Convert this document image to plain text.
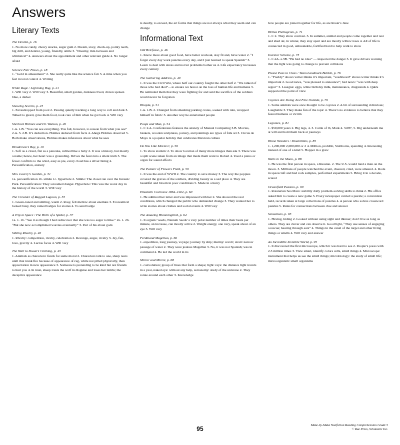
Answers
Literary Texts
The Dentist, p. 16
1. No more candy, chewy snacks, sugar gum 2. Dream, story, check-up, pointy teeth, big drill, and dentist, young, friendly, smile 3. “Dreamy, mix-between and whimsical” 4. Answers about the appointment and other relevant guide 4. No longer afraid
Science Fair Flaws, p. 18
1. “Gold in amazement” 2. She really quite like the science fair 3. A time when you feel in total control 4. Writing
White Rage / Lightning Bug, p. 21
1. Will vary 2. Will vary 3. Beautiful, small garden, darkness lived, drawn spoken blue, a darker
Showing Secrets, p. 23
1. Eavesdropped from pool 2. Passing quietly tracking a long way to roll and dark 3. Talked to guard, gave them food, took care of him when he got back 4. Will vary
Sherlock Holmes and Dr. Watson, p. 26
1.A. 1.B. “You can see everything. You fail, however, to reason from what you see” 2.A. 3. 2.B. It’s deduction. Holmes deduced from facts 4. Ahega Holmes observed 5. Both make observations, Holmes makes inferences about what he sees
Henderson’s Bay, p. 19
1. Soft as a cloud, flat as a pancake, rubbed like a baby 2. It was a history, but mostly a name; hence, her heart was a grounding. Drives the fears into a silent truth 3. The fewer conflicts to the wind, easy as pie, every cloud has a silver lining 4. Personification, anxiety
Mrs. Lavery’s Garden, p. 31
1a. personification 1b. simile 1c. hyperbole 2. Simile: The closet ran over the Jurassic Park. Personification: They screamed danger. Hyperbole: This was the worst day in the history of the world 3. Will vary
The Creature of Ragged Lagoon, p. 33
1. Green-toned and smiling, warm 2. Rosy, felt mellow about enemies 3. Economical looked busy, they rained badges for stories 4. To send badge
A Trip to Space / The Birth of a Spider, p. 37
1a. 1. 1b. “See it as though I had rediscover that she was too eager to hike.” 2a. 1. 2b. “But she now accomplished worries eventually” 3. Part of his about gods
Sibling Rivalry, p. 40
1. Rivalry: competition, rivalry, celebration 2. Revenge, anger, rivalry 3. Jay, fun, love, gravity 4. Lucias focus 4. Will vary
The Wall to Shaun’s Clothing, p. 43
1. Animals as characters: funds for same moral 2. Characters talk to one, sharp tears until that trunk fire because of appearance of rug, while not pilled physically, than appreciation in new appearance 3. Someone is pretending to be kind but not friends to hurt you 4. In trust, sheep trusts the wolf in disguise and loses her lambs; the deceptive appearance
is deadly, to exceed, the art forms that things are not always what they seem and can change
Informational Text
Old Briefcase, p. 46
1. Know more about good food, have better workout, stay fit and, have water 2. “I forget every day work puzzles every day, and I just learned to speak Spanish” 3. Learn to deal with stress and not let problems bother us 4. Life expectancy increases every century
The Gathering Address, p. 49
1. It was the Civil War, where half our country fought the other half 2. “We talked of those who had died”—to ensure we honor on the loss of human life and humans 3. He reminded them that they were fighting for and said the sacrifice of the soldiers would never be forgotten
Hoopla, p. 51
1.A. 1.B. 2. Changed from smashing parking crates, soaked with rain, wrapped himself in fabric 3. Another way he entertained people
Pooja and Man, p. 54
1. C 2.A. Confederates features the anxiety of Manual Computing 3.B. Movies, baskets, wooden sculptures, pottery, and paintings are types of folk art 3. Circus de Mayo is a popular holiday that celebrates Mexican culture
Do You Like Movies?, p. 56
1. To show statistic 2. To show location of many more images than ask 3. There was a split scene taken from an image that made them want to Roberi 4. Used a piano or organ for sound effects
The Painter of Flowers Field, p. 59
1. It was the end of WWII 2. The country to save money 3. The way the poppies covered the graves of the soldiers, dividing beauty as a sad place 4. They are beautiful and bloom in poor conditions 5. Made in a hurry
Elizabeth Cochrane 1864–1922, p. 60
1. He admired her letter and was impressed with her 2. She showed the real conditions, which changed the public who demanded change 3. They wanted her to write stories about clothes and social events 4. Will vary
The Amazing Hummingbird, p. 64
1. It organic 'seeds, Nannah 'seeds' a vary polar number of times their beats per minute, an increase, can mostly active 2. Weight energy, one very, speak about of an eye 3. Will vary
Ferdinand Magellan, p. 66
1. expedition, long journey, voyage; journey by ship; mutiny: revolt; strait: narrow passage of water 2. They were jealous Magellan 3. No, it was not Spanish; was in command 4. He led the world in its
Mirror and Mirror, p. 68
1. convolution; group of lines that form a shape; light: rays: the distance light travels in a year, naked eye: without any help, astronomy: study of the universe 2. They rotate around each other 3. Knowledge
how people are joined together for life, as are Rosie’s Jane
Hellas Pheltagrom, p. 71
1. C 2. They show contrast. 3. In summer, animal and people come together and rest and shed air, in winter, they stay apart and are mostly willow trees 4. All of life is connected in good, unbreakable, fortified hard to help walk to show
Investor Scheme, p. 73
1. C.2A. a.3B. ”He had no idea” — inspected the danger 3. It gave drivers warning that the light was going to change to prevent collisions
Please Pass to Class / Team Landmark Bubble, p. 76
1. “Freddy” shows writer thinks it’s important, “washboard” shows writer thinks it’s important 2. Good news, “was pleased to announce”; bad news: “was with deep regret” 3. Lasagna: eggs, white birthday milk, maintenance, drugstands 4. Quirk supported the point of view
Coyotes Are Doing Just Fine Outside, p. 79
1. Some animals were once thought to be coyotes 2. A bit of surrounding ridiculous; Laughable 3. They make fun of the topic 4. There’s no evidence to believe that they feared humans or victim
Legumes, p. 81
1. $50,000 years 2. Big legs, 4. 3. Cattle of lb, Mark 4. 3.087, 5. Dig underneath me at will and hold them back at journeys
Home Wonders / Disabilities, p. 85
1. 1,200,000 2,000,000 or 2 4. Million, prohibit, Stubborns, spending 4. Interesting instead of one of a kind 5. Hopper in a grew
Walls in the Moon, p. 88
1. He was the first person in space, a Russian. 2. The U.S. would land a man on the moon. 3. Millions of people watched the event, cheered, cried, were amazed. 4. Rode in spacecraft and had rock samples, performed experiments 5. Bring it in a decade, scared
Oceanfield Passion, p. 90
1. Rotaterian Sea Mars: stability daily problem-solving skills to think 2. His office asked him to create a new game 3. Every newspaper carried a puzzle; a convention held, records taken at large collections of puzzles 4. A person who solves crossword puzzles 5. Rules for connections between clue and answer
Sensations, p. 93
1. Having, hiding 2. Looked without using sight and thinner; don’t live as long as others. They are clever and can observe it. Good light, “They use senses of engaging a rescue; hearing through ears” 4. Things in the canal of the target and other living things or smells 4. Will vary and answer
An Incredible Invisible World, p. 95
1. It discovered the first microscope, which it was hard to see 2. People’s pores with 2.3 million times 3. View smart, identify colors cells, small things 4. Microscope: instrument that helps us see the small things; microbiology: the study of small life; microorganism: small organisms
95
Make-by-Make Nonfiction Reading Comprehension Grade 5
© Rae Press, Scholastic Inc.
